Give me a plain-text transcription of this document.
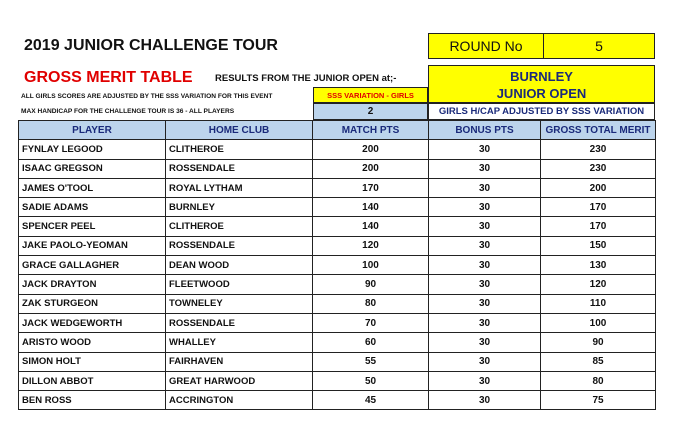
2019 JUNIOR CHALLENGE TOUR	ROUND No	5
GROSS MERIT TABLE RESULTS FROM THE JUNIOR OPEN at;-	BURNLEY
JUNIOR OPEN
ALL GIRLS SCORES ARE ADJUSTED BY THE SSS VARIATION FOR THIS EVENT	SSS VARIATION - GIRLS
MAX HANDICAP FOR THE CHALLENGE TOUR IS 36 - ALL PLAYERS	2	GIRLS H/CAP ADJUSTED BY SSS VARIATION
PLAYER	HOME CLUB	MATCH PTS	BONUS PTS	GROSS TOTAL MERIT
FYNLAY LEGOOD	CLITHEROE	200	30	230
ISAAC GREGSON	ROSSENDALE	200	30	230
JAMES O'TOOL	ROYAL LYTHAM	170	30	200
SADIE ADAMS	BURNLEY	140	30	170
SPENCER PEEL	CLITHEROE	140	30	170
JAKE PAOLO-YEOMAN	ROSSENDALE	120	30	150
GRACE GALLAGHER	DEAN WOOD	100	30	130
JACK DRAYTON	FLEETWOOD	90	30	120
ZAK STURGEON	TOWNELEY	80	30	110
JACK WEDGEWORTH	ROSSENDALE	70	30	100
ARISTO WOOD	WHALLEY	60	30	90
SIMON HOLT	FAIRHAVEN	55	30	85
DILLON ABBOT	GREAT HARWOOD	50	30	80
BEN ROSS	ACCRINGTON	45	30	75
